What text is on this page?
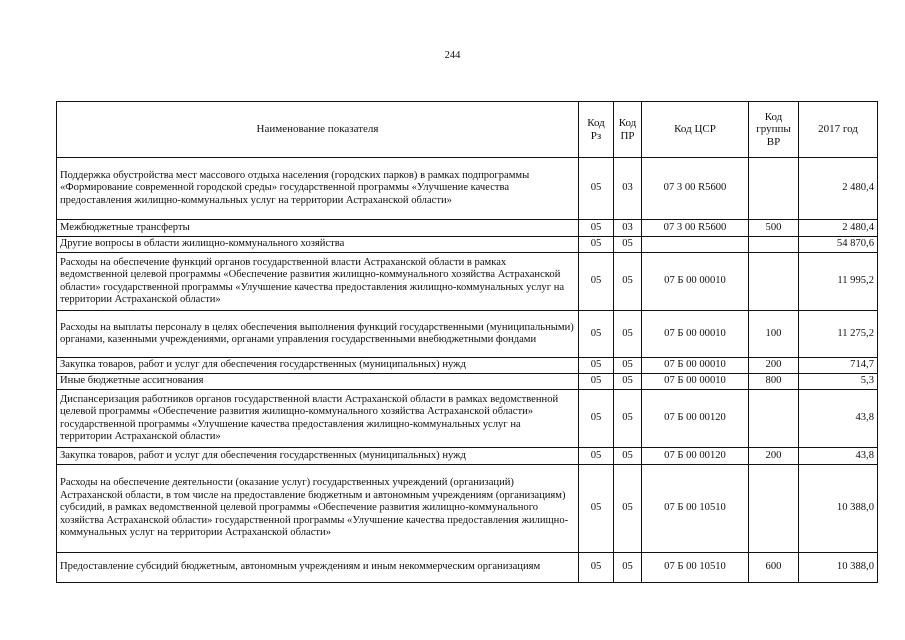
244
Наименование показателя	Код Рз	Код ПР	Код ЦСР	Код группы ВР	2017 год
Поддержка обустройства мест массового отдыха населения (городских парков) в рамках подпрограммы «Формирование современной городской среды» государственной программы «Улучшение качества предоставления жилищно-коммунальных услуг на территории Астраханской области»	05	03	07 3 00 R5600		2 480,4
Межбюджетные трансферты	05	03	07 3 00 R5600	500	2 480,4
Другие вопросы в области жилищно-коммунального хозяйства	05	05			54 870,6
Расходы на обеспечение функций органов государственной власти Астраханской области в рамках ведомственной целевой программы «Обеспечение развития жилищно-коммунального хозяйства Астраханской области» государственной программы «Улучшение качества предоставления жилищно-коммунальных услуг на территории Астраханской области»	05	05	07 Б 00 00010		11 995,2
Расходы на выплаты персоналу в целях обеспечения выполнения функций государственными (муниципальными) органами, казенными учреждениями, органами управления государственными внебюджетными фондами	05	05	07 Б 00 00010	100	11 275,2
Закупка товаров, работ и услуг для обеспечения государственных (муниципальных) нужд	05	05	07 Б 00 00010	200	714,7
Иные бюджетные ассигнования	05	05	07 Б 00 00010	800	5,3
Диспансеризация работников органов государственной власти Астраханской области в рамках ведомственной целевой программы «Обеспечение развития жилищно-коммунального хозяйства Астраханской области» государственной программы «Улучшение качества предоставления жилищно-коммунальных услуг на территории Астраханской области»	05	05	07 Б 00 00120		43,8
Закупка товаров, работ и услуг для обеспечения государственных (муниципальных) нужд	05	05	07 Б 00 00120	200	43,8
Расходы на обеспечение деятельности (оказание услуг) государственных учреждений (организаций) Астраханской области, в том числе на предоставление бюджетным и автономным учреждениям (организациям) субсидий, в рамках ведомственной целевой программы «Обеспечение развития жилищно-коммунального хозяйства Астраханской области» государственной программы «Улучшение качества предоставления жилищно-коммунальных услуг на территории Астраханской области»	05	05	07 Б 00 10510		10 388,0
Предоставление субсидий бюджетным, автономным учреждениям и иным некоммерческим организациям	05	05	07 Б 00 10510	600	10 388,0
